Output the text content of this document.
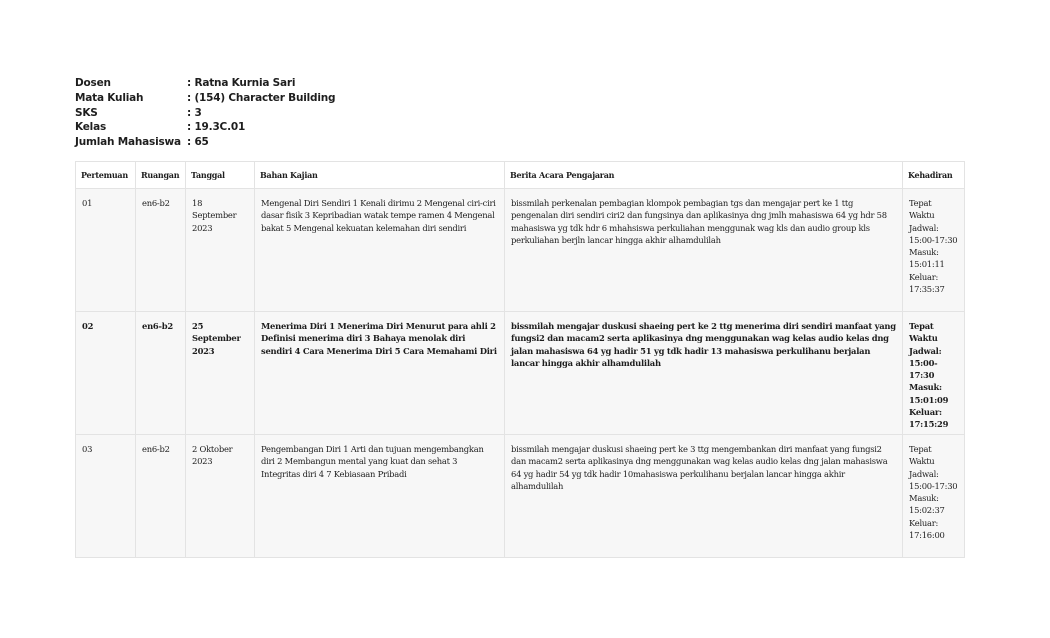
Dosen	: Ratna Kurnia Sari
Mata Kuliah	: (154) Character Building
SKS	: 3
Kelas	: 19.3C.01
Jumlah Mahasiswa : 65
Pertemuan	Ruangan	Tanggal	Bahan Kajian	Berita Acara Pengajaran	Kehadiran
01	en6-b2	18 September 2023	Mengenal Diri Sendiri 1 Kenali dirimu 2 Mengenal ciri-ciri dasar fisik 3 Kepribadian watak tempe ramen 4 Mengenal bakat 5 Mengenal kekuatan kelemahan diri sendiri	bissmilah perkenalan pembagian klompok pembagian tgs dan mengajar pert ke 1 ttg pengenalan diri sendiri ciri2 dan fungsinya dan aplikasinya dng jmlh mahasiswa 64 yg hdr 58 mahasiswa yg tdk hdr 6 mhahsiswa perkuliahan menggunak wag kls dan audio group kls perkuliahan berjln lancar hingga akhir alhamdulilah	Tepat Waktu Jadwal: 15:00-17:30 Masuk: 15:01:11 Keluar: 17:35:37
02	en6-b2	25 September 2023	Menerima Diri 1 Menerima Diri Menurut para ahli 2 Definisi menerima diri 3 Bahaya menolak diri sendiri 4 Cara Menerima Diri 5 Cara Memahami Diri	bissmilah mengajar duskusi shaeing pert ke 2 ttg menerima diri sendiri manfaat yang fungsi2 dan macam2 serta aplikasinya dng menggunakan wag kelas audio kelas dng jalan mahasiswa 64 yg hadir 51 yg tdk hadir 13 mahasiswa perkulihanu berjalan lancar hingga akhir alhamdulilah	Tepat Waktu Jadwal: 15:00-17:30 Masuk: 15:01:09 Keluar: 17:15:29
03	en6-b2	2 Oktober 2023	Pengembangan Diri 1 Arti dan tujuan mengembangkan diri 2 Membangun mental yang kuat dan sehat 3 Integritas diri 4 7 Kebiasaan Pribadi	bissmilah mengajar duskusi shaeing pert ke 3 ttg mengembankan diri manfaat yang fungsi2 dan macam2 serta aplikasinya dng menggunakan wag kelas audio kelas dng jalan mahasiswa 64 yg hadir 54 yg tdk hadir 10mahasiswa perkulihanu berjalan lancar hingga akhir alhamdulilah	Tepat Waktu Jadwal: 15:00-17:30 Masuk: 15:02:37 Keluar: 17:16:00
